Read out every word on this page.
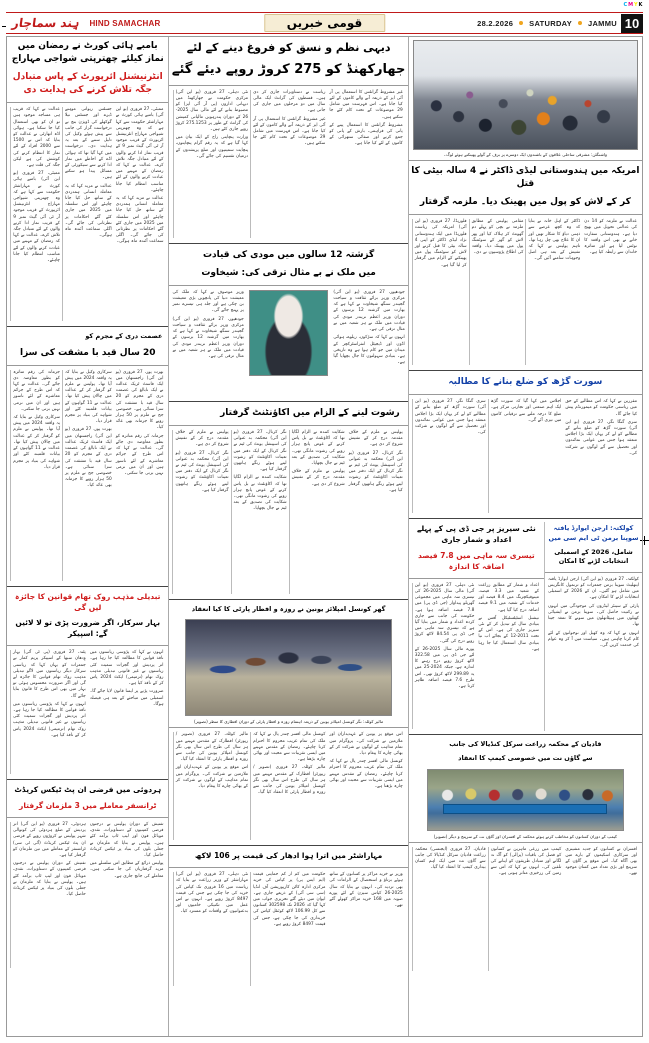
C M Y K
ہِند سماچار HIND SAMACHAR	قومی خبریں	28.2.2026 SATURDAY JAMMU 10
بامبے ہائی کورٹ نے رمضان میں نماز کیلئے چھترپتی شواجی مہاراج
انٹرنیشنل ائرپورٹ کے پاس متبادل جگہ تلاش کرنے کی ہدایت دی

ممبئی، 27 فروری (یو این آئی) بامبے ہائی کورٹ نے مہاراشٹر حکومت سے کہا ہے کہ وہ چھترپتی شیواجی مہاراج انٹرنیشنل ائرپورٹ کے قریب موجود آر ٹی آئی گیٹ نمبر 9 کے قریب نماز ادا کرنے والوں کے لئے متبادل جگہ تلاش کرے۔ عدالت نے کہا کہ رمضان کے مہینے میں عبادت کرنے والوں کے لئے مناسب انتظام کیا جانا چاہئے۔

عدالت نے مزید کہا کہ یہ معاملہ انسانی ہمدردی کے ساتھ حل کیا جانا چاہئے اور اس سلسلہ میں 2025 میں جاری کئے گئے احکامات پر نظرثانی کی جائے گی۔ اگلی سماعت آئندہ ماہ ہوگی۔

جسٹس ریواتی موہتے ڈیرے اور جسٹس نیلا گوکھلے کی ڈویژن بنچ نے درخواست گزار کی جانب سے پیش ہوئے وکیل کی دلیل سننے کے بعد یہ ہدایت دی۔ درخواست میں کہا گیا تھا کہ ہوائی اڈے کے احاطے میں نماز ادا کرنے سے سیکورٹی کے مسائل پیدا ہو سکتے ہیں۔

عدالت نے مزید کہا کہ یہ معاملہ انسانی ہمدردی کے ساتھ حل کیا جانا چاہئے اور اس سلسلہ میں 2025 میں جاری کئے گئے احکامات پر نظرثانی کی جائے گی۔ اگلی سماعت آئندہ ماہ ہوگی۔

عدالت نے کہا کہ قریب ہی مساجد موجود ہیں تو ان کو بھی استعمال کیا جا سکتا ہے۔ ہوائی اڈہ اتھارٹی نے عدالت کو بتایا کہ اس نے 1500 سے 2000 افراد کے لئے نماز کا انتظام کرنے کی کوشش کی ہے لیکن جگہ کی قلت ہے۔

ممبئی، 27 فروری (یو این آئی) بامبے ہائی کورٹ نے مہاراشٹر حکومت سے کہا ہے کہ وہ چھترپتی شیواجی مہاراج انٹرنیشنل ائرپورٹ کے قریب موجود آر ٹی آئی گیٹ نمبر 9 کے قریب نماز ادا کرنے والوں کے لئے متبادل جگہ تلاش کرے۔ عدالت نے کہا کہ رمضان کے مہینے میں عبادت کرنے والوں کے لئے مناسب انتظام کیا جانا چاہئے۔

عصمت دری کے مجرم کو
20 سال قید با مشقت کی سزا

بھرت پور، 27 فروری (یو این آئی) راجستھان میں ایک فاسٹ ٹریک عدالت نے ایک نابالغ کی عصمت دری کے مجرم کو 20 سال قید با مشقت کی سزا سنائی ہے۔ خصوصی جج نے ملزم پر 50 ہزار روپے کا جرمانہ بھی عائد کیا۔

جرمانہ کی رقم متاثرہ کو بطور معاوضہ دی جائے گی۔ عدالت نے کہا کہ اس طرح کے جرائم معاشرے کے لئے ناسور ہیں اور ان میں نرمی نہیں برتی جا سکتی۔

سرکاری وکیل نے بتایا کہ یہ واقعہ 2024 میں پیش آیا تھا۔ پولیس نے ملزم کو گرفتار کر کے عدالت میں چالان پیش کیا تھا۔ عدالت نے 11 گواہوں کے بیانات قلمبند کئے اور شواہد کی بنیاد پر مجرم قرار دیا۔

بھرت پور، 27 فروری (یو این آئی) راجستھان میں ایک فاسٹ ٹریک عدالت نے ایک نابالغ کی عصمت دری کے مجرم کو 20 سال قید با مشقت کی سزا سنائی ہے۔ خصوصی جج نے ملزم پر 50 ہزار روپے کا جرمانہ بھی عائد کیا۔

جرمانہ کی رقم متاثرہ کو بطور معاوضہ دی جائے گی۔ عدالت نے کہا کہ اس طرح کے جرائم معاشرے کے لئے ناسور ہیں اور ان میں نرمی نہیں برتی جا سکتی۔

سرکاری وکیل نے بتایا کہ یہ واقعہ 2024 میں پیش آیا تھا۔ پولیس نے ملزم کو گرفتار کر کے عدالت میں چالان پیش کیا تھا۔ عدالت نے 11 گواہوں کے بیانات قلمبند کئے اور شواہد کی بنیاد پر مجرم قرار دیا۔

تبدیلی مذہب روک تھام قوانین کا جائزہ لیں گی
بہار سرکار، اگر ضرورت پڑی تو لا لائیں گے: اسپیکر

انہوں نے کہا کہ پڑوسی ریاستوں میں نافذ قوانین کا مطالعہ کیا جا رہا ہے۔ اتر پردیش اور گجرات سمیت کئی ریاستوں نے غیر قانونی تبدیلی مذہب روک تھام (ترمیمی) ایکٹ 2024 پاس کر کے نافذ کیا ہے۔

ضرورت پڑنے پر ایسا قانون لایا جائے گا۔ اسمبلی میں مباحثے کے بعد ہی فیصلہ ہوگا۔

پٹنہ، 27 فروری (پی ٹی آئی) بہار وِدھان سبھا کے اسپیکر پریم کمار نے جمعرات کو یہاں کہا کہ ریاستی سرکار دیگر ریاستوں میں لاگو تبدیلی مذہب روک تھام قوانین کا جائزہ لے گی اور اگر ضرورت محسوس ہوئی تو بہار میں بھی اس طرح کا قانون بنایا جائے گا۔

انہوں نے کہا کہ پڑوسی ریاستوں میں نافذ قوانین کا مطالعہ کیا جا رہا ہے۔ اتر پردیش اور گجرات سمیت کئی ریاستوں نے غیر قانونی تبدیلی مذہب روک تھام (ترمیمی) ایکٹ 2024 پاس کر کے نافذ کیا ہے۔

ہردوئی میں فرضی ان پٹ ٹیکس کریڈٹ
ٹرانسفر معاملے میں 3 ملزمان گرفتار

تفتیش کے دوران پولیس نے درجنوں فرضی کمپنیوں کے دستاویزات، نقدی، موبائل فون اور لیپ ٹاپ برآمد کئے ہیں۔ پولیس نے بتایا کہ ملزمان نے جعلی بلوں کی بنیاد پر ٹیکس کریڈٹ حاصل کیا۔

پولیس ذرائع کے مطابق اس سلسلے میں مزید گرفتاریاں کی جا سکتی ہیں۔ معاملے کی جانچ جاری ہے۔

ہردوئی، 27 فروری (یو این آئی) اتر پردیش کے ضلع ہردوئی کی کوتوالی شہر پولیس نے کروڑوں روپے کے فرضی ان پٹ ٹیکس کریڈٹ (آئی ٹی سی) ٹرانسفر کے معاملے میں تین ملزمان کو گرفتار کیا ہے۔

تفتیش کے دوران پولیس نے درجنوں فرضی کمپنیوں کے دستاویزات، نقدی، موبائل فون اور لیپ ٹاپ برآمد کئے ہیں۔ پولیس نے بتایا کہ ملزمان نے جعلی بلوں کی بنیاد پر ٹیکس کریڈٹ حاصل کیا۔

دیہی نظم و نسق کو فروغ دینے کے لئے
جھارکھنڈ کو 275 کروڑ روپے دیئے گئے

غیر مشروط گرانٹس کا استعمال پی آر آئی ایز کے ذریعہ آنے والے کاموں کے لئے کیا جاتا ہے۔ اس فہرست میں شامل 29 موضوعات کے تحت کام کئے جا سکتے ہیں۔

مشروط گرانٹس کا استعمال پینے کے پانی کی فراہمی، بارش کے پانی کو جمع کرنے اور صفائی ستھرائی کے کاموں کے لئے کیا جاتا ہے۔

ریاست نے دستاویزات جاری کر دی ہیں۔ قسطوں کی گرانٹ ایک مالی سال میں دو مرحلوں میں جاری کی جاتی ہے۔

غیر مشروط گرانٹس کا استعمال پی آر آئی ایز کے ذریعہ آنے والے کاموں کے لئے کیا جاتا ہے۔ اس فہرست میں شامل 29 موضوعات کے تحت کام کئے جا سکتے ہیں۔

نئی دہلی، 27 فروری (یو این آئی) مرکزی حکومت نے جھارکھنڈ میں دیہاتی اداروں (پی آر آئی ایز) کو مضبوط بنانے کے لئے مالی سال 2025-26 کے دوران پندرہویں مالیاتی کمیشن کی گرانٹ کے طور پر 275.1253 کروڑ روپے جاری کئے ہیں۔

وزارت پنچایتی راج کے ایک بیان میں کہا گیا ہے کہ یہ رقم گرام پنچایتوں، پنچایت سمیتیوں اور ضلع پریشدوں کے درمیان تقسیم کی جائے گی۔

گزشتہ 12 سالوں میں مودی کی قیادت
میں ملک نے بے مثال ترقی کی: شیخاوت

وزیر موصوف نے کہا کہ ملک کی معیشت دنیا کی پانچویں بڑی معیشت بن چکی ہے اور جلد ہی تیسرے نمبر پر پہنچ جائے گی۔

جودھپور، 27 فروری (یو این آئی) مرکزی وزیر برائے ثقافت و سیاحت گجیندر سنگھ شیخاوت نے کہا ہے کہ بھارت میں گزشتہ 12 برسوں کے دوران وزیر اعظم نریندر مودی کی قیادت میں ملک نے ہر شعبہ میں بے مثال ترقی کی ہے۔

جودھپور، 27 فروری (یو این آئی) مرکزی وزیر برائے ثقافت و سیاحت گجیندر سنگھ شیخاوت نے کہا ہے کہ بھارت میں گزشتہ 12 برسوں کے دوران وزیر اعظم نریندر مودی کی قیادت میں ملک نے ہر شعبہ میں بے مثال ترقی کی ہے۔

انہوں نے کہا کہ سڑکوں، ریلوے، ہوائی اڈوں اور ڈیجیٹل انفراسٹرکچر کے میدان میں جو کام ہوا ہے وہ تاریخی ہے۔ بنیادی سہولتوں کا جال بچھایا گیا ہے۔

رشوت لینے کے الزام میں اکاؤنٹنٹ گرفتار

پولیس نے ملزم کے خلاف مقدمہ درج کر کے تفتیش شروع کر دی ہے۔

نگر کرنال، 27 فروری (یو این آئی) محکمہ بد عنوانی کی اسپیشل یونٹ کی ٹیم نے نگر کرنال کے ایک دفتر میں تعینات اکاؤنٹنٹ کو رشوت لیتے ہوئے رنگے ہاتھوں گرفتار کیا ہے۔

شکایت کنندہ نے الزام لگایا تھا کہ اکاؤنٹنٹ نے بل پاس کرنے کے عوض پانچ ہزار روپے کی رشوت مانگی تھی۔ شکایت کی تصدیق کے بعد ٹیم نے جال بچھایا۔

پولیس نے ملزم کے خلاف مقدمہ درج کر کے تفتیش شروع کر دی ہے۔

نگر کرنال، 27 فروری (یو این آئی) محکمہ بد عنوانی کی اسپیشل یونٹ کی ٹیم نے نگر کرنال کے ایک دفتر میں تعینات اکاؤنٹنٹ کو رشوت لیتے ہوئے رنگے ہاتھوں گرفتار کیا ہے۔

شکایت کنندہ نے الزام لگایا تھا کہ اکاؤنٹنٹ نے بل پاس کرنے کے عوض پانچ ہزار روپے کی رشوت مانگی تھی۔ شکایت کی تصدیق کے بعد ٹیم نے جال بچھایا۔

پولیس نے ملزم کے خلاف مقدمہ درج کر کے تفتیش شروع کر دی ہے۔

نگر کرنال، 27 فروری (یو این آئی) محکمہ بد عنوانی کی اسپیشل یونٹ کی ٹیم نے نگر کرنال کے ایک دفتر میں تعینات اکاؤنٹنٹ کو رشوت لیتے ہوئے رنگے ہاتھوں گرفتار کیا ہے۔

گھر کونسل امپلائز یونین نے روزہ و افطار پارٹی کا کیا انعقاد
مالیر کوٹلہ: نگر کونسل امپلائز یونین کے ذریعہ اہتمام روزہ و افطار پارٹی کے دوران افطاری کا منظر (تصویر)

اس موقع پر یونین کے عہدیداران اور ملازمین نے شرکت کی۔ پروگرام میں تمام مذاہب کے لوگوں نے شرکت کر کے بھائی چارے کا پیغام دیا۔

کونسل مالی افسر چندر پال نے کہا کہ ملک کی تمام غریب محروم کا احترام کرنا چاہئے۔ رمضان کے مقدس مہینے میں ایسی تقریبات سے محبت اور بھائی چارہ بڑھتا ہے۔

کونسل مالی افسر چندر پال نے کہا کہ ملک کی تمام غریب محروم کا احترام کرنا چاہئے۔ رمضان کے مقدس مہینے میں ایسی تقریبات سے محبت اور بھائی چارہ بڑھتا ہے۔

مالیر کوٹلہ، 27 فروری (تصویر / رپورٹر) افطارک کے مقدس مہینے میں ہر سال کی طرح اس سال بھی نگر کونسل امپلائز یونین کی جانب سے روزہ و افطار پارٹی کا انعقاد کیا گیا۔

مالیر کوٹلہ، 27 فروری (تصویر / رپورٹر) افطارک کے مقدس مہینے میں ہر سال کی طرح اس سال بھی نگر کونسل امپلائز یونین کی جانب سے روزہ و افطار پارٹی کا انعقاد کیا گیا۔

اس موقع پر یونین کے عہدیداران اور ملازمین نے شرکت کی۔ پروگرام میں تمام مذاہب کے لوگوں نے شرکت کر کے بھائی چارے کا پیغام دیا۔

مہاراشٹر میں اترا ہوا ادھار کی قیمت پر 106 لاکھ

وزیر نے خرید مراکز پر کسانوں کے ساتھ ہوئے برتاؤ و استحصال کے الزامات کی بھی تردید کی۔ انہوں نے بتایا کہ سال 2025-26 کپاس سیزن کے لئے پورے صوبہ میں 168 خرید مراکز کھولے گئے تھے۔

حکومت میں کم از کم حمایتی قیمت (ایم ایس پی) پر کپاس کی خرید مرکزی ادارہ کاٹن کارپوریشن آف انڈیا (سی سی آئی) کے ذریعے جاری ہے۔ ایوان میں دیئے گئے تحریری جواب میں کہا گیا کہ 2026 تک 302598 کسانوں سے کل 106.99 لاکھ کوئنٹل کپاس کی خریداری کی جا چکی ہے، جس کی قیمت 8497 کروڑ روپے ہے۔

نئی دہلی، 27 فروری (یو این آئی) مہاراشٹر کے وزیر زراعت نے بتایا کہ ریاست میں 16 فروری تک کپاس کی خرید کی جا چکی ہے جس کی قیمت 8497 کروڑ روپے ہے۔ انہوں نے اس عمل میں تکنیکی خامیوں اور بدعنوانیوں کے واقعات کو مسترد کیا۔

واشنگٹن: مشرقی ساحلی علاقوں کے باشندوں ایک دوسرے پر برف کے گولے پھینکتے ہوئے لوگ۔
امریکہ میں ہندوستانی لیڈی ڈاکٹر نے 4 سالہ بیٹی کا قتل
کر کے لاش کو پول میں پھینک دیا۔ ملزمہ گرفتار

عدالت نے ملزمہ کو 14 دن کی عدالتی تحویل میں بھیج دیا ہے۔ ہندوستانی سفارت خانے نے بھی اس واقعہ کا نوٹس لیا ہے اور متاثرہ خاندان سے رابطہ کیا ہے۔

ڈاکٹر کے اہل خانہ نے بتایا کہ وہ کچھ عرصے سے ذہنی دباؤ کا شکار تھیں اور ان کا علاج بھی چل رہا تھا۔ تاہم پولیس نے کہا کہ تفتیش کے بعد ہی اصل وجوہات سامنے آئیں گی۔

مقامی پولیس کے مطابق ملزمہ نے بچی کو پہلے دم گھونٹ کر ہلاک کیا اور پھر لاش کو گھر کے سوئمنگ پول میں پھینک دیا۔ واقعہ کی اطلاع پڑوسیوں نے دی۔

فلوریڈا، 27 فروری (یو این آئی) امریکہ کی ریاست فلوریڈا میں ایک ہندوستانی نژاد لیڈی ڈاکٹر کو اپنی 4 سالہ بیٹی کا قتل کرنے اور لاش کو سوئمنگ پول میں پھینکنے کے الزام میں گرفتار کر لیا گیا ہے۔

سورت گڑھ کو ضلع بنانے کا مطالبہ

مقررین نے کہا کہ اس مطالبے کے حق میں ریاستی حکومت کو میمورنڈم پیش کیا جائے گا۔

سری گنگا نگر، 27 فروری (یو این آئی) سورت گڑھ کو ضلع بنانے کے مطالبے کو لے کر یہاں ایک بڑا اجلاس منعقد ہوا جس میں عوامی نمائندوں اور تحصیل سے آئے لوگوں نے شرکت کی۔

اجلاس میں کہا گیا کہ سورت گڑھ ایک اہم صنعتی اور تجارتی مرکز ہے۔ ضلع کا درجہ ملنے سے ترقیاتی کاموں میں تیزی آئے گی۔

سری گنگا نگر، 27 فروری (یو این آئی) سورت گڑھ کو ضلع بنانے کے مطالبے کو لے کر یہاں ایک بڑا اجلاس منعقد ہوا جس میں عوامی نمائندوں اور تحصیل سے آئے لوگوں نے شرکت کی۔

نئی سیریز پر جی ڈی پی کے پہلے اعداد و شمار جاری
تیسری سہ ماہی میں 7.8 فیصد اضافہ کا اندازہ

اعداد و شمار کے مطابق زراعت کے شعبہ میں 3.3 فیصد، مینوفیکچرنگ میں 8.4 فیصد اور خدمات کے شعبہ میں 9.1 فیصد اضافہ درج کیا گیا ہے۔

نیشنل اسٹیٹسٹیکل آفس نے بنیادی سال کو تبدیل کر کے نئی سیریز جاری کی ہے۔ اس کے تحت 2011-12 کے بجائے اب نیا بنیادی سال استعمال کیا جا رہا ہے۔

نئی دہلی، 27 فروری (یو این آئی) مالی سال 2025-26 کی تیسری سہ ماہی میں مجموعی گھریلو پیداوار (جی ڈی پی) میں 7.8 فیصد اضافہ ہوا ہے۔ حکومت کی جانب سے جاری کردہ اعداد و شمار میں بتایا گیا ہے کہ تیسری سہ ماہی میں جی ڈی پی 84.54 لاکھ کروڑ روپے درج کی گئی۔

پورے مالی سال 2025-26 کے لئے جی ڈی پی میں 322.58 لاکھ کروڑ روپے درج رہنے کا اندازہ ہے، جبکہ 2024-25 میں یہ 299.89 لاکھ کروڑ تھی۔ اس طرح 7.6 فیصد اضافہ ظاہر کرتا ہے۔

کولکتہ: ارجن ایوارڈ یافتہ سوپنا برمن ٹی ایم سی میں
شامل، 2026 کے اسمبلی انتخابات لڑنے کا امکان

کولکتہ، 27 فروری (یو این آئی) ارجن ایوارڈ یافتہ ایتھلیٹ سوپنا برمن جمعرات کو ترنمول کانگریس میں شامل ہو گئیں۔ ان کے 2026 کے اسمبلی انتخابات لڑنے کا امکان ہے۔

پارٹی کے سینئر لیڈروں کی موجودگی میں انہوں نے رکنیت حاصل کی۔ سوپنا برمن نے ایشیائی کھیلوں میں ہیپٹاتھلون میں سونے کا تمغہ جیتا تھا۔

انہوں نے کہا کہ وہ کھیل اور نوجوانوں کے لئے کام کرنا چاہتی ہیں۔ سیاست میں آ کر وہ عوام کی خدمت کریں گی۔

قادیان کے محکمہ زراعت سرکل کنڈیالا کی جانب
سے گاؤں نت میں خصوصی کیمپ کا انعقاد
کیمپ کے دوران کسانوں کو مخاطب کرتے ہوئے محکمہ کے افسران اور گاؤں نت کے سرپنچ و دیگر (تصویر)

افسران نے کسانوں کو جدید مشینری اور سرکاری اسکیموں کے بارے میں بھی آگاہ کیا۔ اس موقع پر گاؤں کے سرپنچ اور بڑی تعداد میں کسان موجود تھے۔

کیمپ میں زرعی ماہرین نے کسانوں کو فصل کی باقیات (پرالی) کو آگ نہ لگانے اور متبادل طریقوں کو اپنانے کی تلقین کی۔ انہوں نے کہا کہ اس سے زمین کی زرخیزی متاثر ہوتی ہے۔

قادیان، 27 فروری (ایجنسی) محکمہ زراعت قادیان سرکل کنڈیالا کی جانب سے گاؤں نت میں ایک اہم کسان بیداری کیمپ کا انعقاد کیا گیا۔
